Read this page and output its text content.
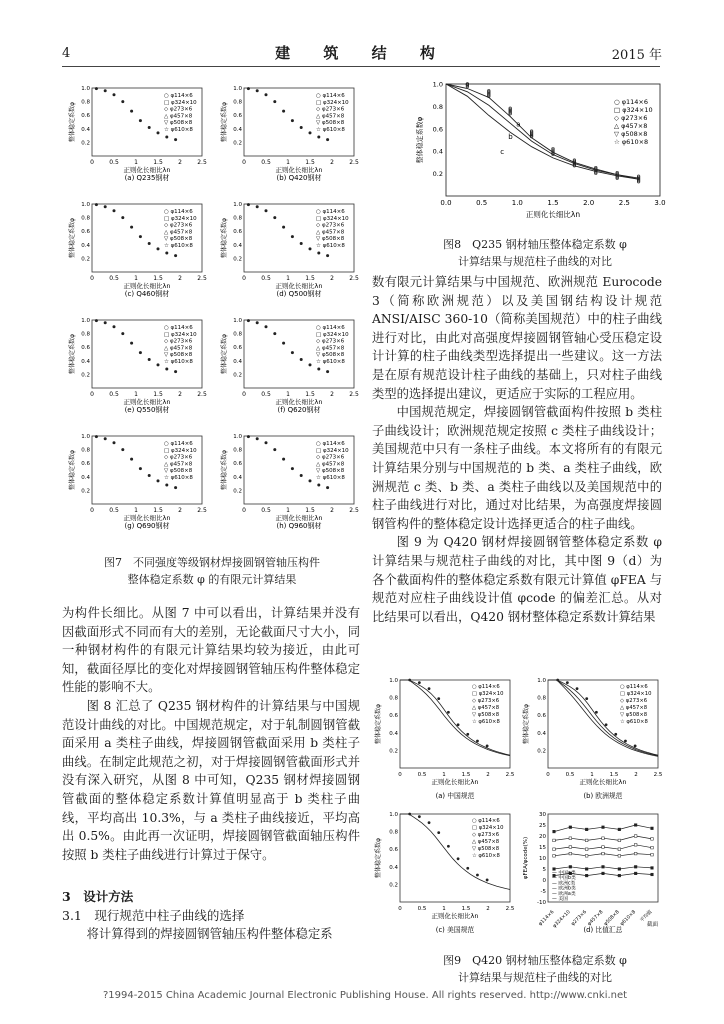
4	建 筑 结 构	2015 年
0	0.5	1	1.5	2	2.5
0.2
0.4
0.6
0.8
1.0
整体稳定系数φ
正则化长细比λn
(a) Q235钢材
○ φ114×6
□ φ324×10
◇ φ273×6
△ φ457×8
▽ φ508×8
☆ φ610×8
0	0.5	1	1.5	2	2.5
0.2
0.4
0.6
0.8
1.0
整体稳定系数φ
正则化长细比λn
(b) Q420钢材
○ φ114×6
□ φ324×10
◇ φ273×6
△ φ457×8
▽ φ508×8
☆ φ610×8
0	0.5	1	1.5	2	2.5
0.2
0.4
0.6
0.8
1.0
整体稳定系数φ
正则化长细比λn
(c) Q460钢材
○ φ114×6
□ φ324×10
◇ φ273×6
△ φ457×8
▽ φ508×8
☆ φ610×8
0	0.5	1	1.5	2	2.5
0.2
0.4
0.6
0.8
1.0
整体稳定系数φ
正则化长细比λn
(d) Q500钢材
○ φ114×6
□ φ324×10
◇ φ273×6
△ φ457×8
▽ φ508×8
☆ φ610×8
0	0.5	1	1.5	2	2.5
0.2
0.4
0.6
0.8
1.0
整体稳定系数φ
正则化长细比λn
(e) Q550钢材
○ φ114×6
□ φ324×10
◇ φ273×6
△ φ457×8
▽ φ508×8
☆ φ610×8
0	0.5	1	1.5	2	2.5
0.2
0.4
0.6
0.8
1.0
整体稳定系数φ
正则化长细比λn
(f) Q620钢材
○ φ114×6
□ φ324×10
◇ φ273×6
△ φ457×8
▽ φ508×8
☆ φ610×8
0	0.5	1	1.5	2	2.5
0.2
0.4
0.6
0.8
1.0
整体稳定系数φ
正则化长细比λn
(g) Q690钢材
○ φ114×6
□ φ324×10
◇ φ273×6
△ φ457×8
▽ φ508×8
☆ φ610×8
0	0.5	1	1.5	2	2.5
0.2
0.4
0.6
0.8
1.0
整体稳定系数φ
正则化长细比λn
(h) Q960钢材
○ φ114×6
□ φ324×10
◇ φ273×6
△ φ457×8
▽ φ508×8
☆ φ610×8
图7　不同强度等级钢材焊接圆钢管轴压构件
整体稳定系数 φ 的有限元计算结果
0.0	0.5	1.0	1.5	2.0	2.5	3.0
0.2
0.4
0.6
0.8
1.0
a
b
c
○ φ114×6
□ φ324×10
◇ φ273×6
△ φ457×8
▽ φ508×8
☆ φ610×8
整体稳定系数φ
正则化长细比λn
图8　Q235 钢材轴压整体稳定系数 φ
计算结果与规范柱子曲线的对比

为构件长细比。从图 7 中可以看出，计算结果并没有因截面形式不同而有大的差别，无论截面尺寸大小，同一种钢材构件的有限元计算结果均较为接近，由此可知，截面径厚比的变化对焊接圆钢管轴压构件整体稳定性能的影响不大。

图 8 汇总了 Q235 钢材构件的计算结果与中国规范设计曲线的对比。中国规范规定，对于轧制圆钢管截面采用 a 类柱子曲线，焊接圆钢管截面采用 b 类柱子曲线。在制定此规范之初，对于焊接圆钢管截面形式并没有深入研究，从图 8 中可知，Q235 钢材焊接圆钢管截面的整体稳定系数计算值明显高于 b 类柱子曲线，平均高出 10.3%，与 a 类柱子曲线接近，平均高出 0.5%。由此再一次证明，焊接圆钢管截面轴压构件按照 b 类柱子曲线进行计算过于保守。

3　设计方法
3.1　现行规范中柱子曲线的选择

将计算得到的焊接圆钢管轴压构件整体稳定系

数有限元计算结果与中国规范、欧洲规范 Eurocode 3（简称欧洲规范）以及美国钢结构设计规范 ANSI/AISC 360-10（简称美国规范）中的柱子曲线进行对比，由此对高强度焊接圆钢管轴心受压稳定设计计算的柱子曲线类型选择提出一些建议。这一方法是在原有规范设计柱子曲线的基础上，只对柱子曲线类型的选择提出建议，更适应于实际的工程应用。

中国规范规定，焊接圆钢管截面构件按照 b 类柱子曲线设计；欧洲规范规定按照 c 类柱子曲线设计；美国规范中只有一条柱子曲线。本文将所有的有限元计算结果分别与中国规范的 b 类、a 类柱子曲线，欧洲规范 c 类、b 类、a 类柱子曲线以及美国规范中的柱子曲线进行对比，通过对比结果，为高强度焊接圆钢管构件的整体稳定设计选择更适合的柱子曲线。

图 9 为 Q420 钢材焊接圆钢管整体稳定系数 φ 计算结果与规范柱子曲线的对比，其中图 9（d）为各个截面构件的整体稳定系数有限元计算值 φFEA 与规范对应柱子曲线设计值 φcode 的偏差汇总。从对比结果可以看出，Q420 钢材整体稳定系数计算结果

0	0.5	1	1.5	2	2.5
0.2
0.4
0.6
0.8
1.0
○ φ114×6
□ φ324×10
◇ φ273×6
△ φ457×8
▽ φ508×8
☆ φ610×8
整体稳定系数φ
正则化长细比λn
(a) 中国规范
0	0.5	1	1.5	2	2.5
0.2
0.4
0.6
0.8
1.0
○ φ114×6
□ φ324×10
◇ φ273×6
△ φ457×8
▽ φ508×8
☆ φ610×8
整体稳定系数φ
正则化长细比λn
(b) 欧洲规范
0	0.5	1	1.5	2	2.5
0.2
0.4
0.6
0.8
1.0
○ φ114×6
□ φ324×10
◇ φ273×6
△ φ457×8
▽ φ508×8
☆ φ610×8
整体稳定系数φ
正则化长细比λn
(c) 美国规范
-10
-5
0
5
10
15
20
25
30
φ114×6
φ324×10 φ273×6 φ457×8 φ508×8 φ610×8 平均值
— 中国a类
— 中国b类
— 欧洲c类
— 欧洲b类
— 欧洲a类
— 美国
φFEA/φcode(%)
截面
(d) 比值汇总
图9　Q420 钢材轴压整体稳定系数 φ
计算结果与规范柱子曲线的对比
?1994-2015 China Academic Journal Electronic Publishing House. All rights reserved. http://www.cnki.net
